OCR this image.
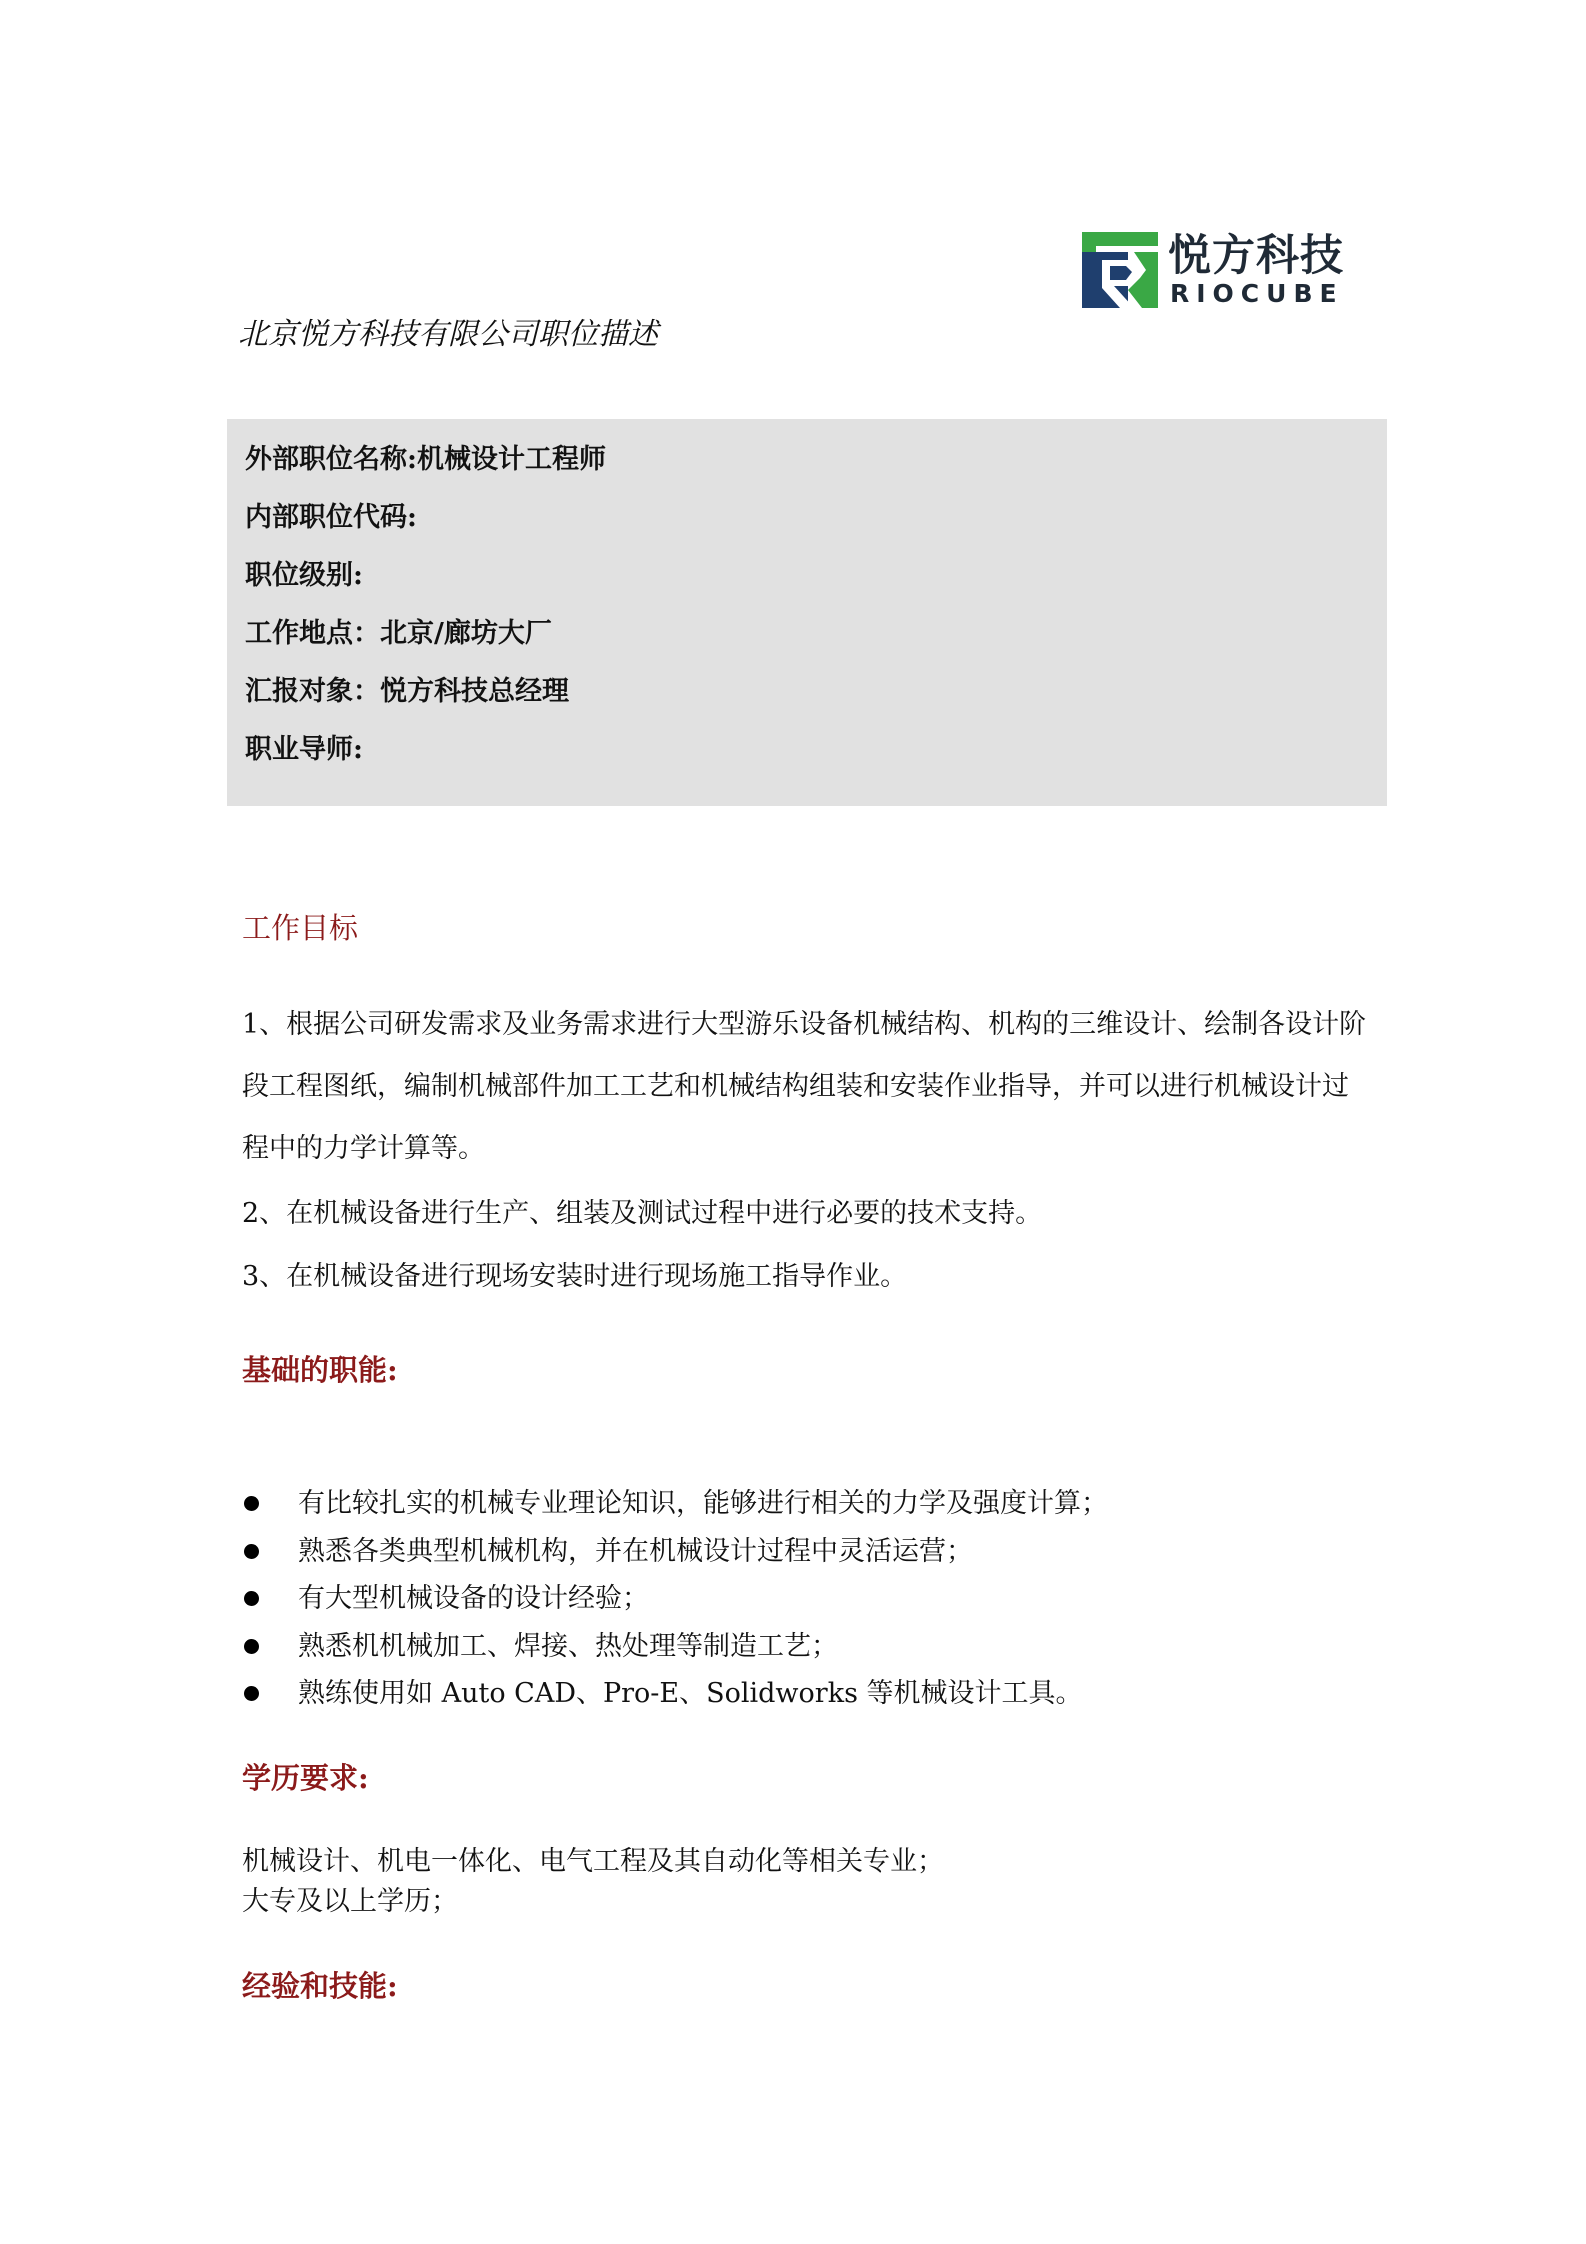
悦方科技
RIOCUBE
北京悦方科技有限公司职位描述
外部职位名称:机械设计工程师
内部职位代码:
职位级别:
工作地点：北京/廊坊大厂
汇报对象：悦方科技总经理
职业导师:
工作目标

1、根据公司研发需求及业务需求进行大型游乐设备机械结构、机构的三维设计、绘制各设计阶段工程图纸，编制机械部件加工工艺和机械结构组装和安装作业指导，并可以进行机械设计过程中的力学计算等。

2、在机械设备进行生产、组装及测试过程中进行必要的技术支持。
3、在机械设备进行现场安装时进行现场施工指导作业。
基础的职能:
有比较扎实的机械专业理论知识，能够进行相关的力学及强度计算；
熟悉各类典型机械机构，并在机械设计过程中灵活运营；
有大型机械设备的设计经验；
熟悉机机械加工、焊接、热处理等制造工艺；
熟练使用如 Auto CAD、Pro-E、Solidworks 等机械设计工具。
学历要求:
机械设计、机电一体化、电气工程及其自动化等相关专业；
大专及以上学历；
经验和技能:
